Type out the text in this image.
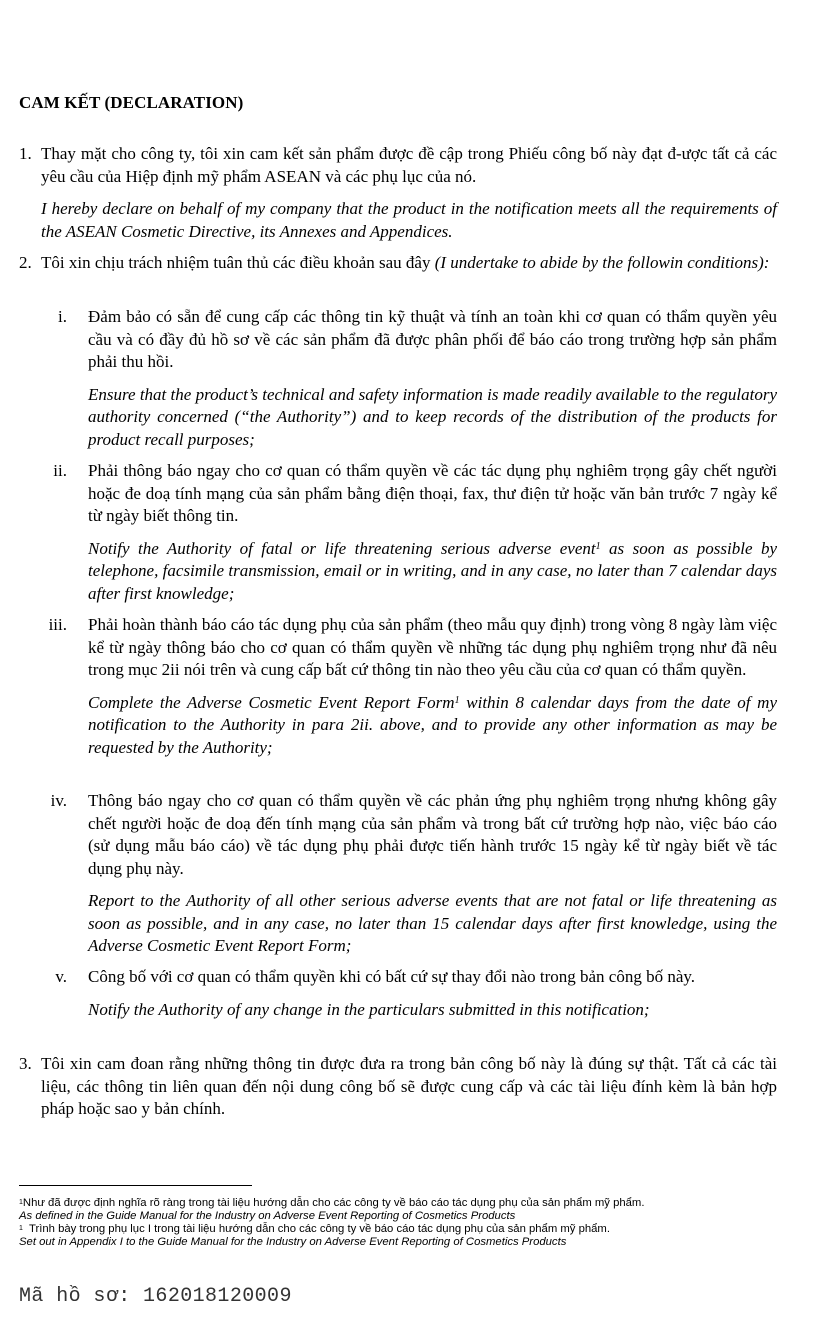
CAM KẾT (DECLARATION)
1. Thay mặt cho công ty, tôi xin cam kết sản phẩm được đề cập trong Phiếu công bố này đạt đ-ược tất cả các yêu cầu của Hiệp định mỹ phẩm ASEAN và các phụ lục của nó.
I hereby declare on behalf of my company that the product in the notification meets all the requirements of the ASEAN Cosmetic Directive, its Annexes and Appendices.
2. Tôi xin chịu trách nhiệm tuân thủ các điều khoản sau đây (I undertake to abide by the followin conditions):
i. Đảm bảo có sẵn để cung cấp các thông tin kỹ thuật và tính an toàn khi cơ quan có thẩm quyền yêu cầu và có đầy đủ hồ sơ về các sản phẩm đã được phân phối để báo cáo trong trường hợp sản phẩm phải thu hồi.
Ensure that the product’s technical and safety information is made readily available to the regulatory authority concerned (“the Authority”) and to keep records of the distribution of the products for product recall purposes;
ii. Phải thông báo ngay cho cơ quan có thẩm quyền về các tác dụng phụ nghiêm trọng gây chết người hoặc đe doạ tính mạng của sản phẩm bằng điện thoại, fax, thư điện tử hoặc văn bản trước 7 ngày kể từ ngày biết thông tin.
Notify the Authority of fatal or life threatening serious adverse event$^1$ as soon as possible by telephone, facsimile transmission, email or in writing, and in any case, no later than 7 calendar days after first knowledge;
iii. Phải hoàn thành báo cáo tác dụng phụ của sản phẩm (theo mẫu quy định) trong vòng 8 ngày làm việc kể từ ngày thông báo cho cơ quan có thẩm quyền về những tác dụng phụ nghiêm trọng như đã nêu trong mục 2ii nói trên và cung cấp bất cứ thông tin nào theo yêu cầu của cơ quan có thẩm quyền.
Complete the Adverse Cosmetic Event Report Form$^1$ within 8 calendar days from the date of my notification to the Authority in para 2ii. above, and to provide any other information as may be requested by the Authority;
iv. Thông báo ngay cho cơ quan có thẩm quyền về các phản ứng phụ nghiêm trọng nhưng không gây chết người hoặc đe doạ đến tính mạng của sản phẩm và trong bất cứ trường hợp nào, việc báo cáo (sử dụng mẫu báo cáo) về tác dụng phụ phải được tiến hành trước 15 ngày kể từ ngày biết về tác dụng phụ này.
Report to the Authority of all other serious adverse events that are not fatal or life threatening as soon as possible, and in any case, no later than 15 calendar days after first knowledge, using the Adverse Cosmetic Event Report Form;
v. Công bố với cơ quan có thẩm quyền khi có bất cứ sự thay đổi nào trong bản công bố này.
Notify the Authority of any change in the particulars submitted in this notification;
3. Tôi xin cam đoan rằng những thông tin được đưa ra trong bản công bố này là đúng sự thật. Tất cả các tài liệu, các thông tin liên quan đến nội dung công bố sẽ được cung cấp và các tài liệu đính kèm là bản hợp pháp hoặc sao y bản chính.
$^1$Như đã được định nghĩa rõ ràng trong tài liệu hướng dẫn cho các công ty về báo cáo tác dụng phụ của sản phẩm mỹ phẩm.
As defined in the Guide Manual for the Industry on Adverse Event Reporting of Cosmetics Products
$^1$  Trình bày trong phụ lục I trong tài liệu hướng dẫn cho các công ty về báo cáo tác dụng phụ của sản phẩm mỹ phẩm.
Set out in Appendix I to the Guide Manual for the Industry on Adverse Event Reporting of Cosmetics Products
Mã hồ sơ: 162018120009
